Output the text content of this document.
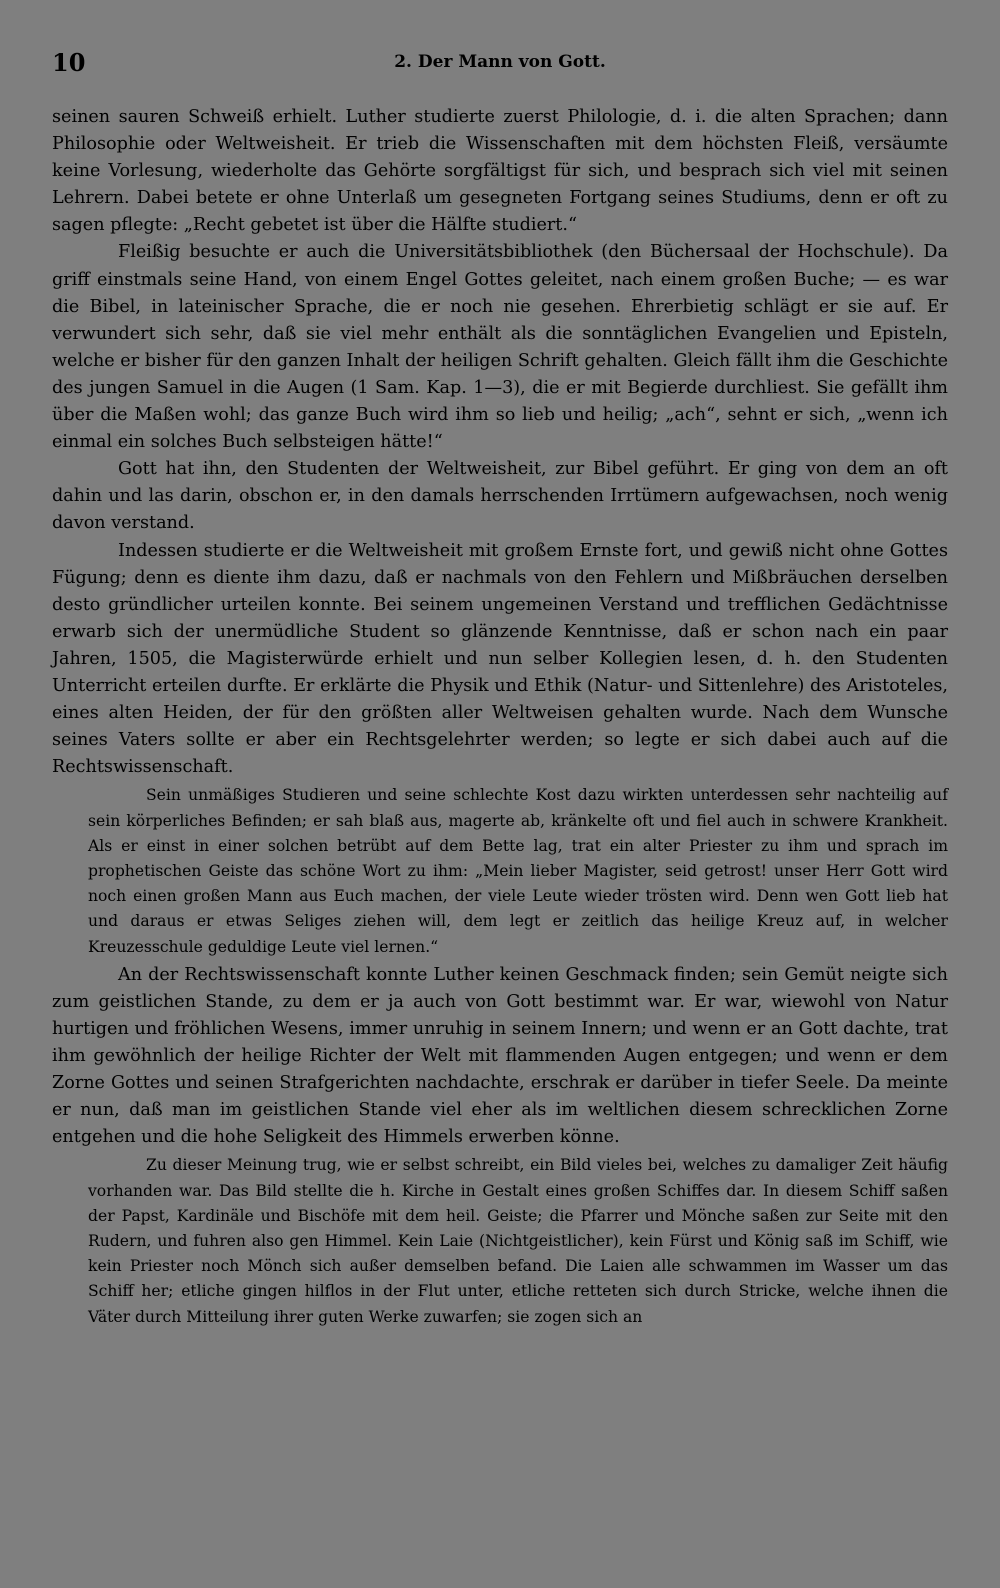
10	2. Der Mann von Gott.

seinen sauren Schweiß erhielt. Luther studierte zuerst Philologie, d. i. die alten Sprachen; dann Philosophie oder Weltweisheit. Er trieb die Wissenschaften mit dem höchsten Fleiß, versäumte keine Vorlesung, wiederholte das Gehörte sorgfältigst für sich, und besprach sich viel mit seinen Lehrern. Dabei betete er ohne Unterlaß um gesegneten Fortgang seines Studiums, denn er oft zu sagen pflegte: „Recht gebetet ist über die Hälfte studiert.“

Fleißig besuchte er auch die Universitätsbibliothek (den Büchersaal der Hochschule). Da griff einstmals seine Hand, von einem Engel Gottes geleitet, nach einem großen Buche; — es war die Bibel, in lateinischer Sprache, die er noch nie gesehen. Ehrerbietig schlägt er sie auf. Er verwundert sich sehr, daß sie viel mehr enthält als die sonntäglichen Evangelien und Episteln, welche er bisher für den ganzen Inhalt der heiligen Schrift gehalten. Gleich fällt ihm die Geschichte des jungen Samuel in die Augen (1 Sam. Kap. 1—3), die er mit Begierde durchliest. Sie gefällt ihm über die Maßen wohl; das ganze Buch wird ihm so lieb und heilig; „ach“, sehnt er sich, „wenn ich einmal ein solches Buch selbsteigen hätte!“

Gott hat ihn, den Studenten der Weltweisheit, zur Bibel geführt. Er ging von dem an oft dahin und las darin, obschon er, in den damals herrschenden Irrtümern aufgewachsen, noch wenig davon verstand.

Indessen studierte er die Weltweisheit mit großem Ernste fort, und gewiß nicht ohne Gottes Fügung; denn es diente ihm dazu, daß er nachmals von den Fehlern und Mißbräuchen derselben desto gründlicher urteilen konnte. Bei seinem ungemeinen Verstand und trefflichen Gedächtnisse erwarb sich der unermüdliche Student so glänzende Kenntnisse, daß er schon nach ein paar Jahren, 1505, die Magisterwürde erhielt und nun selber Kollegien lesen, d. h. den Studenten Unterricht erteilen durfte. Er erklärte die Physik und Ethik (Natur- und Sittenlehre) des Aristoteles, eines alten Heiden, der für den größten aller Weltweisen gehalten wurde. Nach dem Wunsche seines Vaters sollte er aber ein Rechtsgelehrter werden; so legte er sich dabei auch auf die Rechtswissenschaft.

Sein unmäßiges Studieren und seine schlechte Kost dazu wirkten unterdessen sehr nachteilig auf sein körperliches Befinden; er sah blaß aus, magerte ab, kränkelte oft und fiel auch in schwere Krankheit. Als er einst in einer solchen betrübt auf dem Bette lag, trat ein alter Priester zu ihm und sprach im prophetischen Geiste das schöne Wort zu ihm: „Mein lieber Magister, seid getrost! unser Herr Gott wird noch einen großen Mann aus Euch machen, der viele Leute wieder trösten wird. Denn wen Gott lieb hat und daraus er etwas Seliges ziehen will, dem legt er zeitlich das heilige Kreuz auf, in welcher Kreuzesschule geduldige Leute viel lernen.“

An der Rechtswissenschaft konnte Luther keinen Geschmack finden; sein Gemüt neigte sich zum geistlichen Stande, zu dem er ja auch von Gott bestimmt war. Er war, wiewohl von Natur hurtigen und fröhlichen Wesens, immer unruhig in seinem Innern; und wenn er an Gott dachte, trat ihm gewöhnlich der heilige Richter der Welt mit flammenden Augen entgegen; und wenn er dem Zorne Gottes und seinen Strafgerichten nachdachte, erschrak er darüber in tiefer Seele. Da meinte er nun, daß man im geistlichen Stande viel eher als im weltlichen diesem schrecklichen Zorne entgehen und die hohe Seligkeit des Himmels erwerben könne.

Zu dieser Meinung trug, wie er selbst schreibt, ein Bild vieles bei, welches zu damaliger Zeit häufig vorhanden war. Das Bild stellte die h. Kirche in Gestalt eines großen Schiffes dar. In diesem Schiff saßen der Papst, Kardinäle und Bischöfe mit dem heil. Geiste; die Pfarrer und Mönche saßen zur Seite mit den Rudern, und fuhren also gen Himmel. Kein Laie (Nichtgeistlicher), kein Fürst und König saß im Schiff, wie kein Priester noch Mönch sich außer demselben befand. Die Laien alle schwammen im Wasser um das Schiff her; etliche gingen hilflos in der Flut unter, etliche retteten sich durch Stricke, welche ihnen die Väter durch Mitteilung ihrer guten Werke zuwarfen; sie zogen sich an
